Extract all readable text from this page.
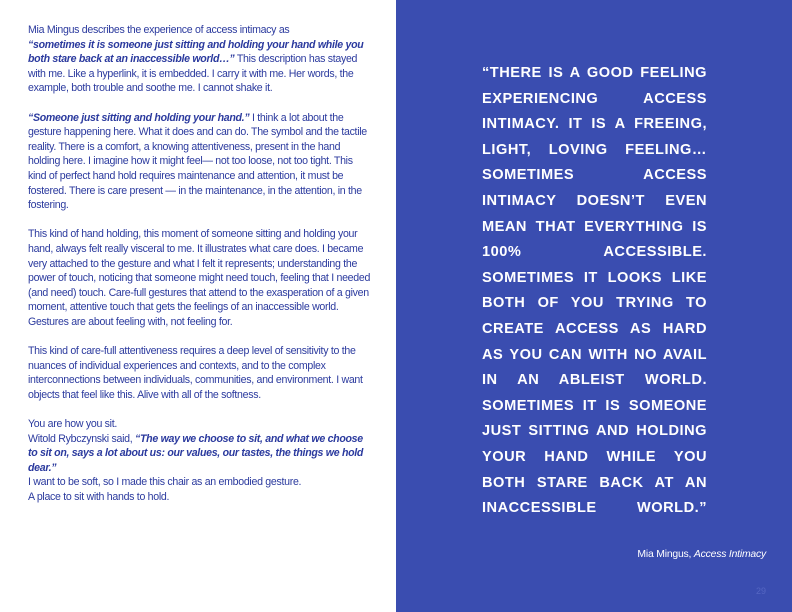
Mia Mingus describes the experience of access intimacy as
“sometimes it is someone just sitting and holding your hand while you both stare back at an inaccessible world…” This description has stayed with me. Like a hyperlink, it is embedded. I carry it with me. Her words, the example, both trouble and soothe me. I cannot shake it.

“Someone just sitting and holding your hand.” I think a lot about the gesture happening here. What it does and can do. The symbol and the tactile reality. There is a comfort, a knowing attentiveness, present in the hand holding here. I imagine how it might feel— not too loose, not too tight. This kind of perfect hand hold requires maintenance and attention, it must be fostered. There is care present — in the maintenance, in the attention, in the fostering.

This kind of hand holding, this moment of someone sitting and holding your hand, always felt really visceral to me. It illustrates what care does. I became very attached to the gesture and what I felt it represents; understanding the power of touch, noticing that someone might need touch, feeling that I needed (and need) touch. Care-full gestures that attend to the exasperation of a given moment, attentive touch that gets the feelings of an inaccessible world. Gestures are about feeling with, not feeling for.

This kind of care-full attentiveness requires a deep level of sensitivity to the nuances of individual experiences and contexts, and to the complex interconnections between individuals, communities, and environment. I want objects that feel like this. Alive with all of the softness.

You are how you sit.
Witold Rybczynski said, “The way we choose to sit, and what we choose to sit on, says a lot about us: our values, our tastes, the things we hold dear.”
I want to be soft, so I made this chair as an embodied gesture.
A place to sit with hands to hold.

“THERE IS A GOOD FEELING EXPERIENCING ACCESS INTIMACY. IT IS A FREEING, LIGHT, LOVING FEELING… SOMETIMES ACCESS INTIMACY DOESN’T EVEN MEAN THAT EVERYTHING IS 100% ACCESSIBLE. SOMETIMES IT LOOKS LIKE BOTH OF YOU TRYING TO CREATE ACCESS AS HARD AS YOU CAN WITH NO AVAIL IN AN ABLEIST WORLD. SOMETIMES IT IS SOMEONE JUST SITTING AND HOLDING YOUR HAND WHILE YOU BOTH STARE BACK AT AN INACCESSIBLE WORLD.”
Mia Mingus, Access Intimacy
29
